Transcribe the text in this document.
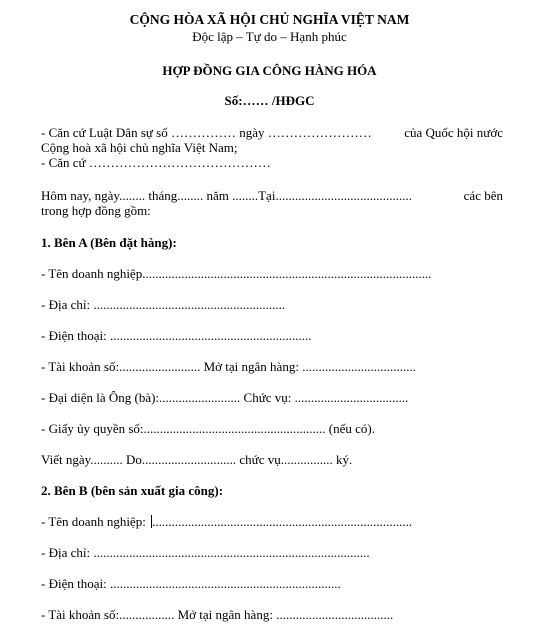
CỘNG HÒA XÃ HỘI CHỦ NGHĨA VIỆT NAM
Độc lập – Tự do – Hạnh phúc
HỢP ĐỒNG GIA CÔNG HÀNG HÓA
Số:…… /HĐGC
- Căn cứ Luật Dân sự số …………… ngày …………………… của Quốc hội nước
Cộng hoà xã hội chủ nghĩa Việt Nam;
- Căn cứ ……………………………………
Hôm nay, ngày........ tháng........ năm ........Tại..........................................	các bên
trong hợp đồng gồm:
1. Bên A (Bên đặt hàng):
- Tên doanh nghiệp.........................................................................................
- Địa chỉ: ...........................................................
- Điện thoại: ..............................................................
- Tài khoản số:......................... Mở tại ngân hàng: ...................................
- Đại diện là Ông (bà):......................... Chức vụ: ...................................
- Giấy ủy quyền số:........................................................ (nếu có).
Viết ngày.......... Do............................. chức vụ................ ký.
2. Bên B (bên sản xuất gia công):
- Tên doanh nghiệp: ................................................................................
- Địa chỉ: .....................................................................................
- Điện thoại: .......................................................................
- Tài khoản số:................. Mở tại ngân hàng: ....................................
